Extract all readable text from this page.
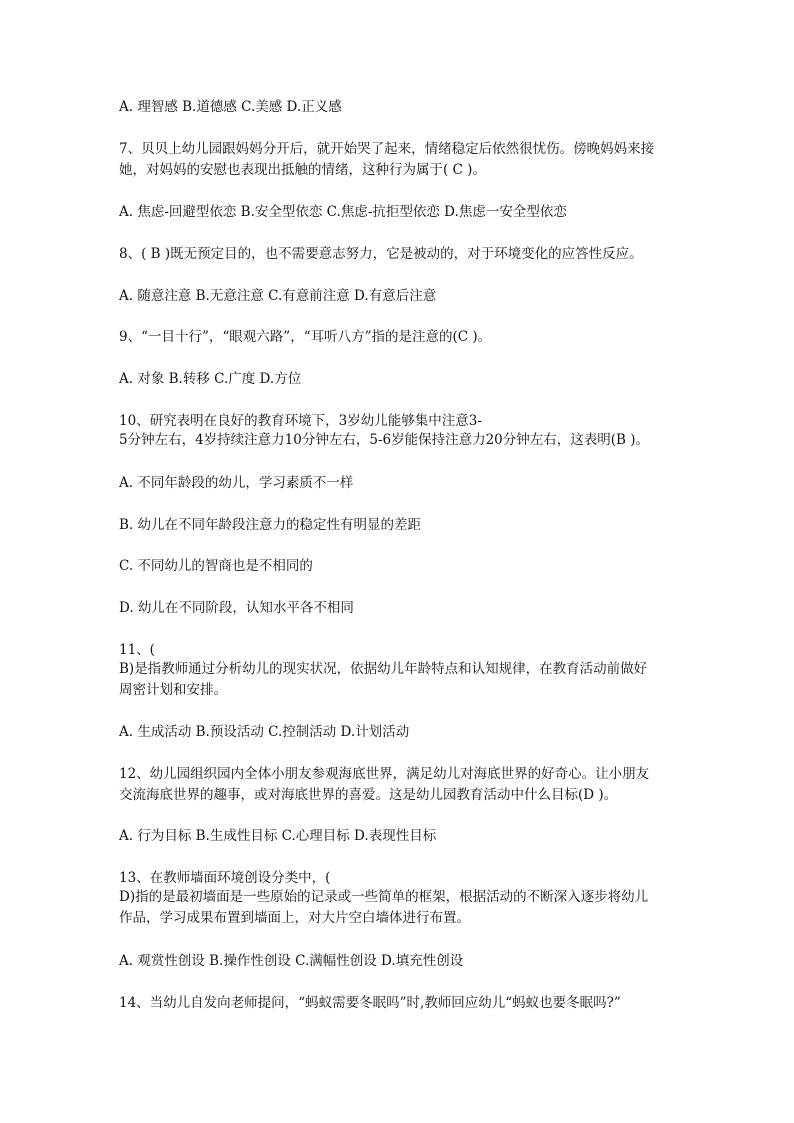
A. 理智感 B.道德感 C.美感 D.正义感
7、贝贝上幼儿园跟妈妈分开后，就开始哭了起来，情绪稳定后依然很忧伤。傍晚妈妈来接
她，对妈妈的安慰也表现出抵触的情绪，这种行为属于( C )。
A. 焦虑-回避型依恋 B.安全型依恋 C.焦虑-抗拒型依恋 D.焦虑一安全型依恋
8、( B )既无预定目的，也不需要意志努力，它是被动的，对于环境变化的应答性反应。
A. 随意注意 B.无意注意 C.有意前注意 D.有意后注意
9、“一目十行”，“眼观六路”，“耳听八方”指的是注意的(C )。
A. 对象 B.转移 C.广度 D.方位
10、研究表明在良好的教育环境下，3岁幼儿能够集中注意3-
5分钟左右，4岁持续注意力10分钟左右，5-6岁能保持注意力20分钟左右，这表明(B )。
A. 不同年龄段的幼儿，学习素质不一样
B. 幼儿在不同年龄段注意力的稳定性有明显的差距
C. 不同幼儿的智商也是不相同的
D. 幼儿在不同阶段，认知水平各不相同
11、(
B)是指教师通过分析幼儿的现实状况，依据幼儿年龄特点和认知规律，在教育活动前做好
周密计划和安排。
A. 生成活动 B.预设活动 C.控制活动 D.计划活动
12、幼儿园组织园内全体小朋友参观海底世界，满足幼儿对海底世界的好奇心。让小朋友
交流海底世界的趣事，或对海底世界的喜爱。这是幼儿园教育活动中什么目标(D )。
A. 行为目标 B.生成性目标 C.心理目标 D.表现性目标
13、在教师墙面环境创设分类中，(
D)指的是最初墙面是一些原始的记录或一些简单的框架，根据活动的不断深入逐步将幼儿
作品，学习成果布置到墙面上，对大片空白墙体进行布置。
A. 观赏性创设 B.操作性创设 C.满幅性创设 D.填充性创设
14、当幼儿自发向老师提问，“蚂蚁需要冬眠吗”时,教师回应幼儿“蚂蚁也要冬眠吗?”
